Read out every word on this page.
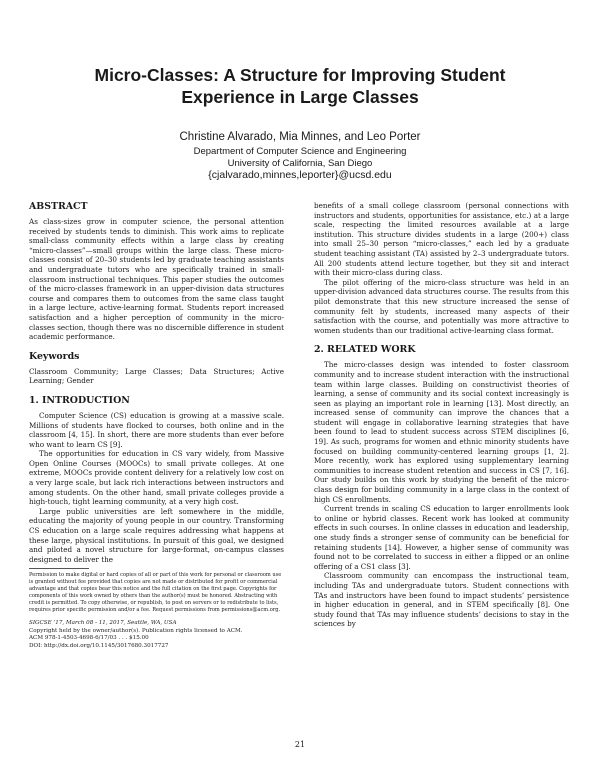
Micro-Classes: A Structure for Improving Student
Experience in Large Classes
Christine Alvarado, Mia Minnes, and Leo Porter
Department of Computer Science and Engineering
University of California, San Diego
{cjalvarado,minnes,leporter}@ucsd.edu
ABSTRACT

As class-sizes grow in computer science, the personal attention received by students tends to diminish. This work aims to replicate small-class community effects within a large class by creating “micro-classes”—small groups within the large class. These micro-classes consist of 20–30 students led by graduate teaching assistants and undergraduate tutors who are specifically trained in small-classroom instructional techniques. This paper studies the outcomes of the micro-classes framework in an upper-division data structures course and compares them to outcomes from the same class taught in a large lecture, active-learning format. Students report increased satisfaction and a higher perception of community in the micro-classes section, though there was no discernible difference in student academic performance.

Keywords

Classroom Community; Large Classes; Data Structures; Active Learning; Gender

1. INTRODUCTION

Computer Science (CS) education is growing at a massive scale. Millions of students have flocked to courses, both online and in the classroom [4, 15]. In short, there are more students than ever before who want to learn CS [9].

The opportunities for education in CS vary widely, from Massive Open Online Courses (MOOCs) to small private colleges. At one extreme, MOOCs provide content delivery for a relatively low cost on a very large scale, but lack rich interactions between instructors and among students. On the other hand, small private colleges provide a high-touch, tight learning community, at a very high cost.

Large public universities are left somewhere in the middle, educating the majority of young people in our country. Transforming CS education on a large scale requires addressing what happens at these large, physical institutions. In pursuit of this goal, we designed and piloted a novel structure for large-format, on-campus classes designed to deliver the

Permission to make digital or hard copies of all or part of this work for personal or classroom use is granted without fee provided that copies are not made or distributed for profit or commercial advantage and that copies bear this notice and the full citation on the first page. Copyrights for components of this work owned by others than the author(s) must be honored. Abstracting with credit is permitted. To copy otherwise, or republish, to post on servers or to redistribute to lists, requires prior specific permission and/or a fee. Request permissions from permissions@acm.org.

SIGCSE ’17, March 08 - 11, 2017, Seattle, WA, USA
Copyright held by the owner/author(s). Publication rights licensed to ACM.
ACM 978-1-4503-4698-6/17/03 . . . $15.00
DOI: http://dx.doi.org/10.1145/3017680.3017727

benefits of a small college classroom (personal connections with instructors and students, opportunities for assistance, etc.) at a large scale, respecting the limited resources available at a large institution. This structure divides students in a large (200+) class into small 25–30 person “micro-classes,” each led by a graduate student teaching assistant (TA) assisted by 2–3 undergraduate tutors. All 200 students attend lecture together, but they sit and interact with their micro-class during class.

The pilot offering of the micro-class structure was held in an upper-division advanced data structures course. The results from this pilot demonstrate that this new structure increased the sense of community felt by students, increased many aspects of their satisfaction with the course, and potentially was more attractive to women students than our traditional active-learning class format.

2. RELATED WORK

The micro-classes design was intended to foster classroom community and to increase student interaction with the instructional team within large classes. Building on constructivist theories of learning, a sense of community and its social context increasingly is seen as playing an important role in learning [13]. Most directly, an increased sense of community can improve the chances that a student will engage in collaborative learning strategies that have been found to lead to student success across STEM disciplines [6, 19]. As such, programs for women and ethnic minority students have focused on building community-centered learning groups [1, 2]. More recently, work has explored using supplementary learning communities to increase student retention and success in CS [7, 16]. Our study builds on this work by studying the benefit of the micro-class design for building community in a large class in the context of high CS enrollments.

Current trends in scaling CS education to larger enrollments look to online or hybrid classes. Recent work has looked at community effects in such courses. In online classes in education and leadership, one study finds a stronger sense of community can be beneficial for retaining students [14]. However, a higher sense of community was found not to be correlated to success in either a flipped or an online offering of a CS1 class [3].

Classroom community can encompass the instructional team, including TAs and undergraduate tutors. Student connections with TAs and instructors have been found to impact students’ persistence in higher education in general, and in STEM specifically [8]. One study found that TAs may influence students’ decisions to stay in the sciences by

21
